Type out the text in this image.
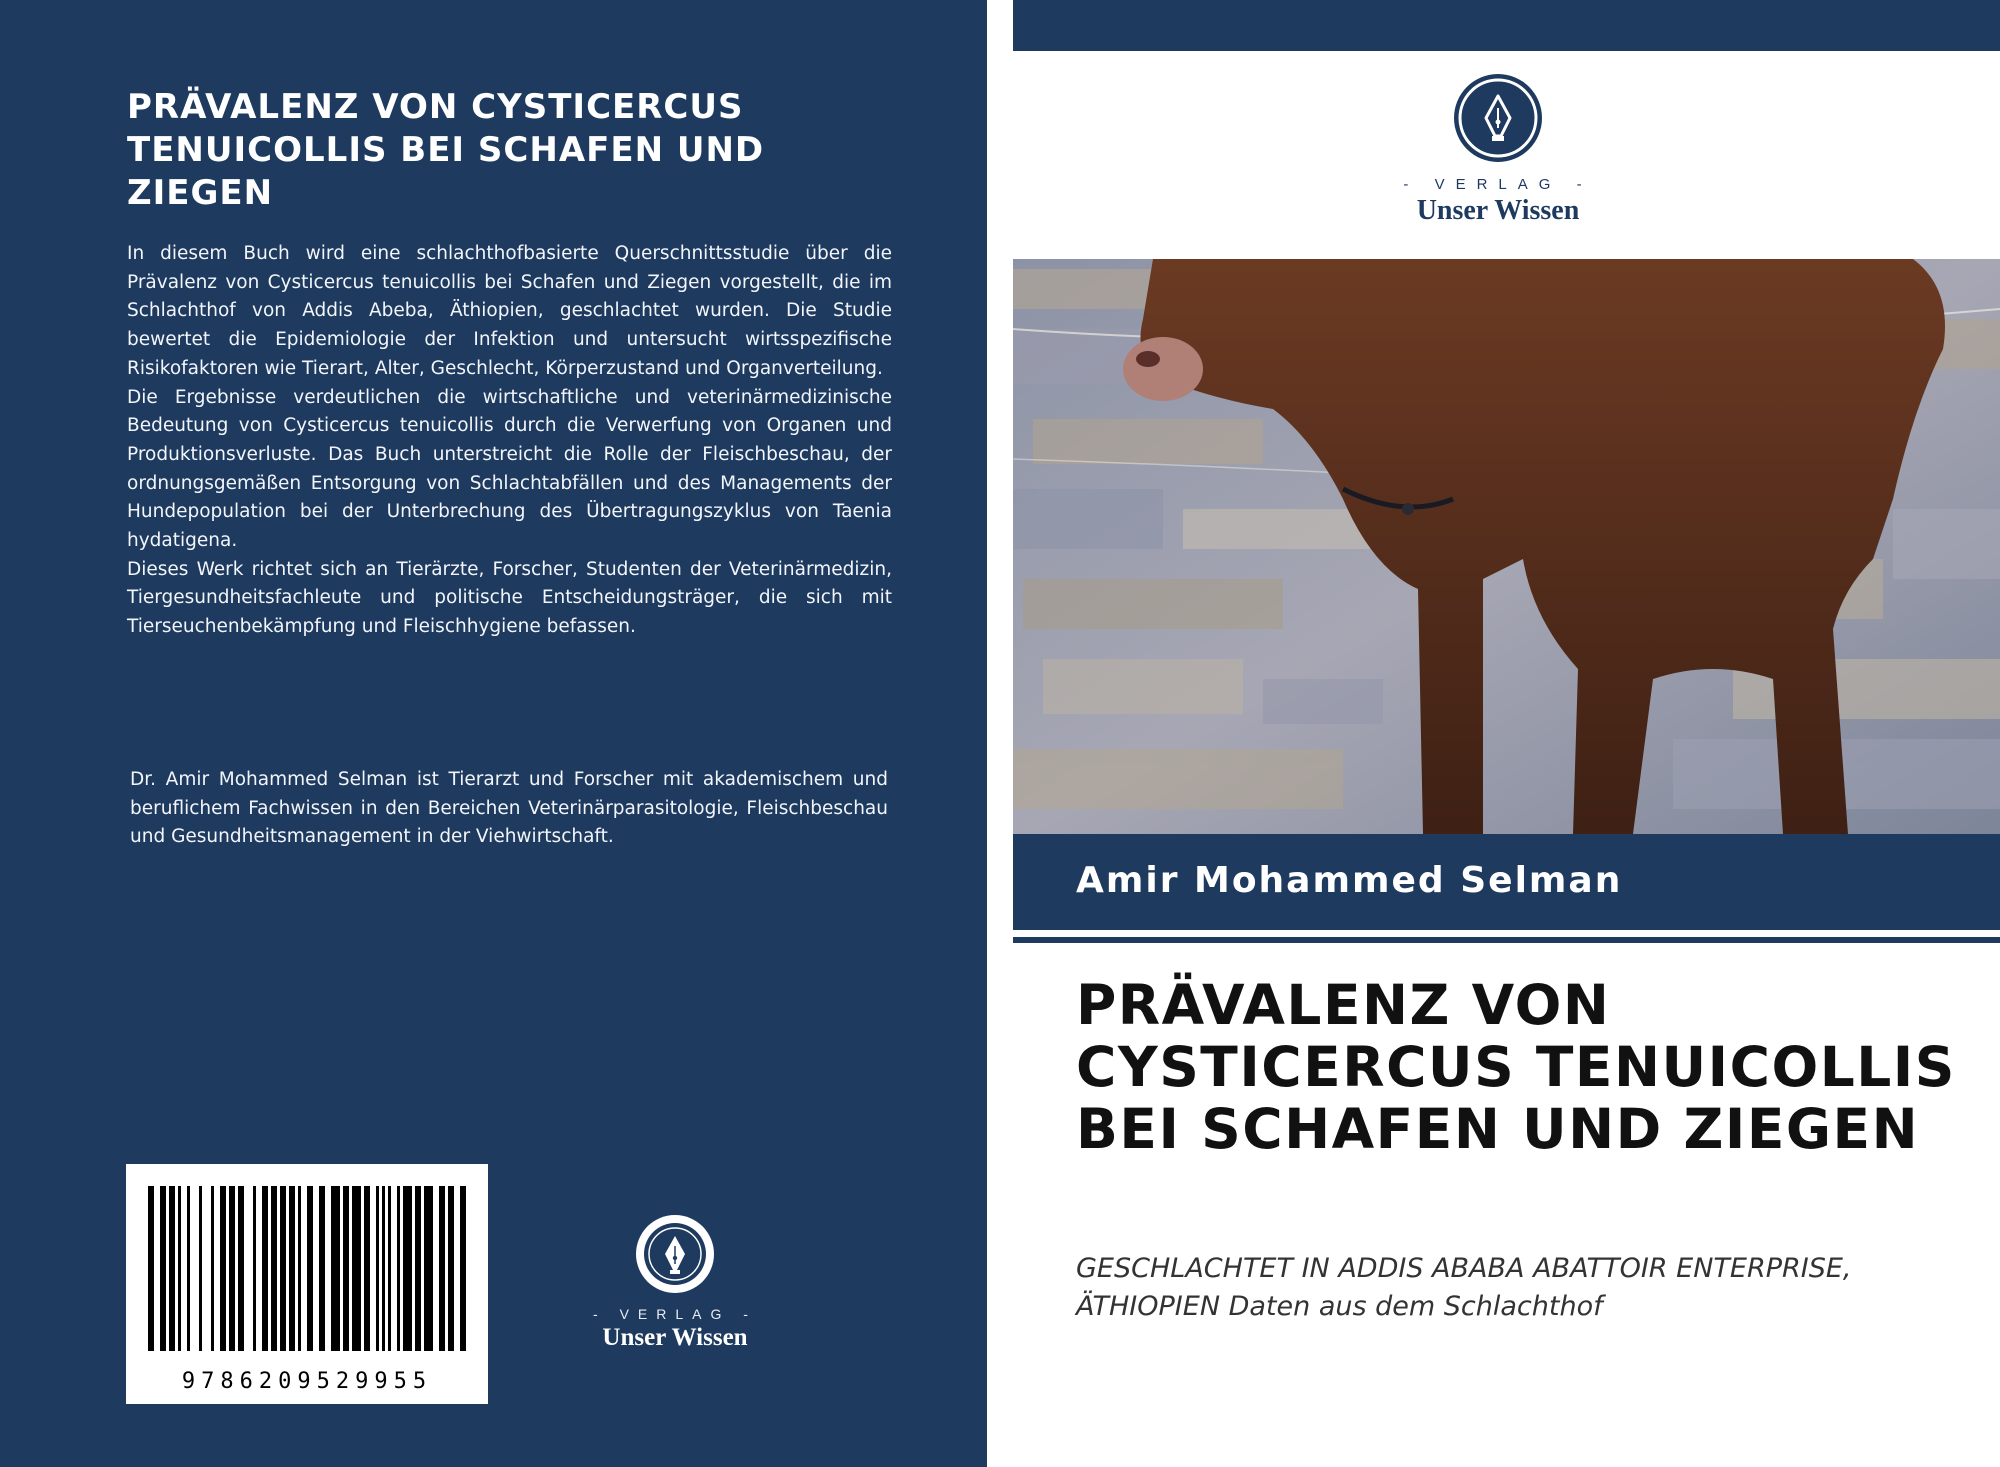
PRÄVALENZ VON CYSTICERCUS TENUICOLLIS BEI SCHAFEN UND ZIEGEN

In diesem Buch wird eine schlachthofbasierte Querschnittsstudie über die Prävalenz von Cysticercus tenuicollis bei Schafen und Ziegen vorgestellt, die im Schlachthof von Addis Abeba, Äthiopien, geschlachtet wurden. Die Studie bewertet die Epidemiologie der Infektion und untersucht wirtsspezifische Risikofaktoren wie Tierart, Alter, Geschlecht, Körperzustand und Organverteilung.

Die Ergebnisse verdeutlichen die wirtschaftliche und veterinärmedizinische Bedeutung von Cysticercus tenuicollis durch die Verwerfung von Organen und Produktionsverluste. Das Buch unterstreicht die Rolle der Fleischbeschau, der ordnungsgemäßen Entsorgung von Schlachtabfällen und des Managements der Hundepopulation bei der Unterbrechung des Übertragungszyklus von Taenia hydatigena.

Dieses Werk richtet sich an Tierärzte, Forscher, Studenten der Veterinärmedizin, Tiergesundheitsfachleute und politische Entscheidungsträger, die sich mit Tierseuchenbekämpfung und Fleischhygiene befassen.

Dr. Amir Mohammed Selman ist Tierarzt und Forscher mit akademischem und beruflichem Fachwissen in den Bereichen Veterinärparasitologie, Fleischbeschau und Gesundheitsmanagement in der Viehwirtschaft.

9786209529955
- VERLAG -
Unser Wissen
- VERLAG -
Unser Wissen

Amir Mohammed Selman

PRÄVALENZ VON CYSTICERCUS TENUICOLLIS BEI SCHAFEN UND ZIEGEN
GESCHLACHTET IN ADDIS ABABA ABATTOIR ENTERPRISE, ÄTHIOPIEN Daten aus dem Schlachthof
